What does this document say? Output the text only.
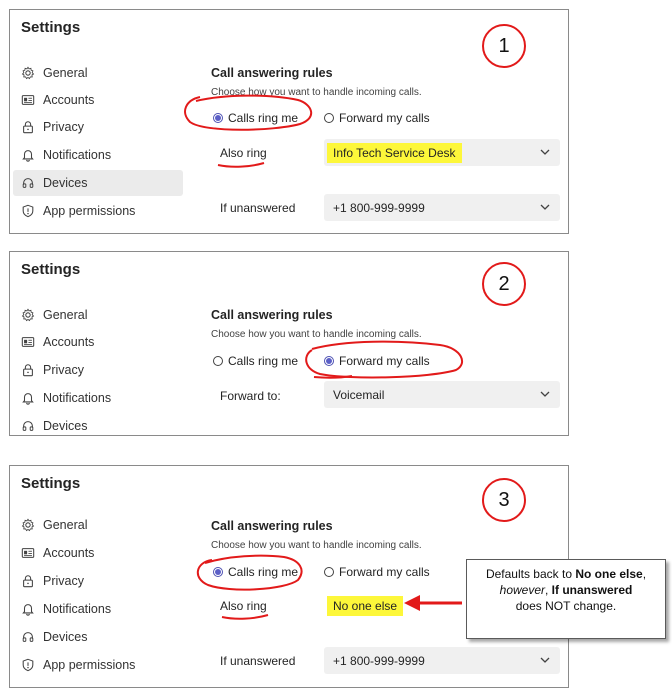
Settings
General
Accounts
Privacy
Notifications
Devices
App permissions
Call answering rules
Choose how you want to handle incoming calls.
Calls ring me	Forward my calls
Also ring	Info Tech Service Desk
If unanswered	+1 800-999-9999
Settings
General
Accounts
Privacy
Notifications
Devices
Call answering rules
Choose how you want to handle incoming calls.
Calls ring me	Forward my calls
Forward to:	Voicemail
Settings
General
Accounts
Privacy
Notifications
Devices
App permissions
Call answering rules
Choose how you want to handle incoming calls.
Calls ring me	Forward my calls
Also ring	No one else
If unanswered	+1 800-999-9999
1
2
3
Defaults back to No one else,
however, If unanswered
does NOT change.
